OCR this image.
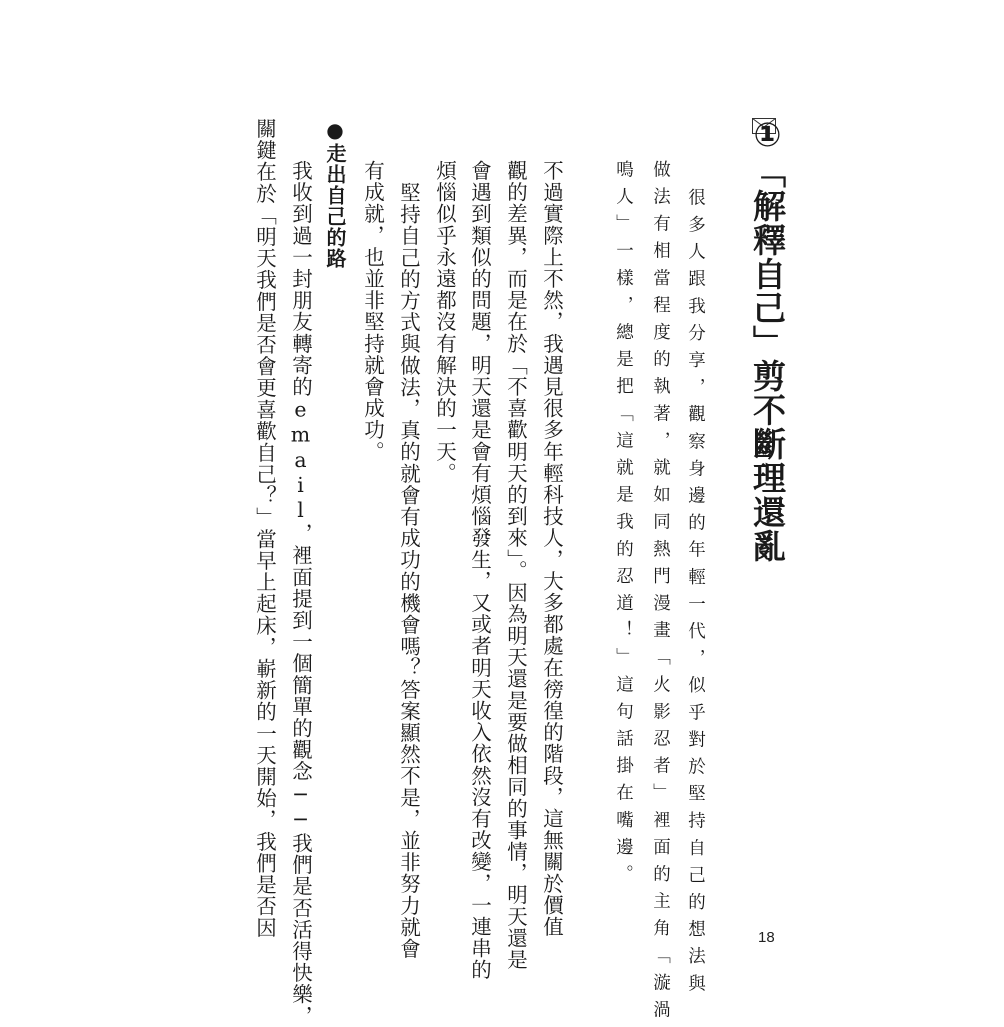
①「解釋自己」剪不斷理還亂
很多人跟我分享，觀察身邊的年輕一代，似乎對於堅持自己的想法與
做法有相當程度的執著，就如同熱門漫畫「火影忍者」裡面的主角「漩渦
鳴人」一樣，總是把「這就是我的忍道！」這句話掛在嘴邊。
不過實際上不然，我遇見很多年輕科技人，大多都處在徬徨的階段，這無關於價值
觀的差異，而是在於「不喜歡明天的到來」。因為明天還是要做相同的事情，明天還是
會遇到類似的問題，明天還是會有煩惱發生，又或者明天收入依然沒有改變，一連串的
煩惱似乎永遠都沒有解決的一天。
堅持自己的方式與做法，真的就會有成功的機會嗎？答案顯然不是，並非努力就會
有成就，也並非堅持就會成功。
●走出自己的路
我收到過一封朋友轉寄的email，裡面提到一個簡單的觀念──我們是否活得快樂，
關鍵在於「明天我們是否會更喜歡自己？」當早上起床，嶄新的一天開始，我們是否因	18
